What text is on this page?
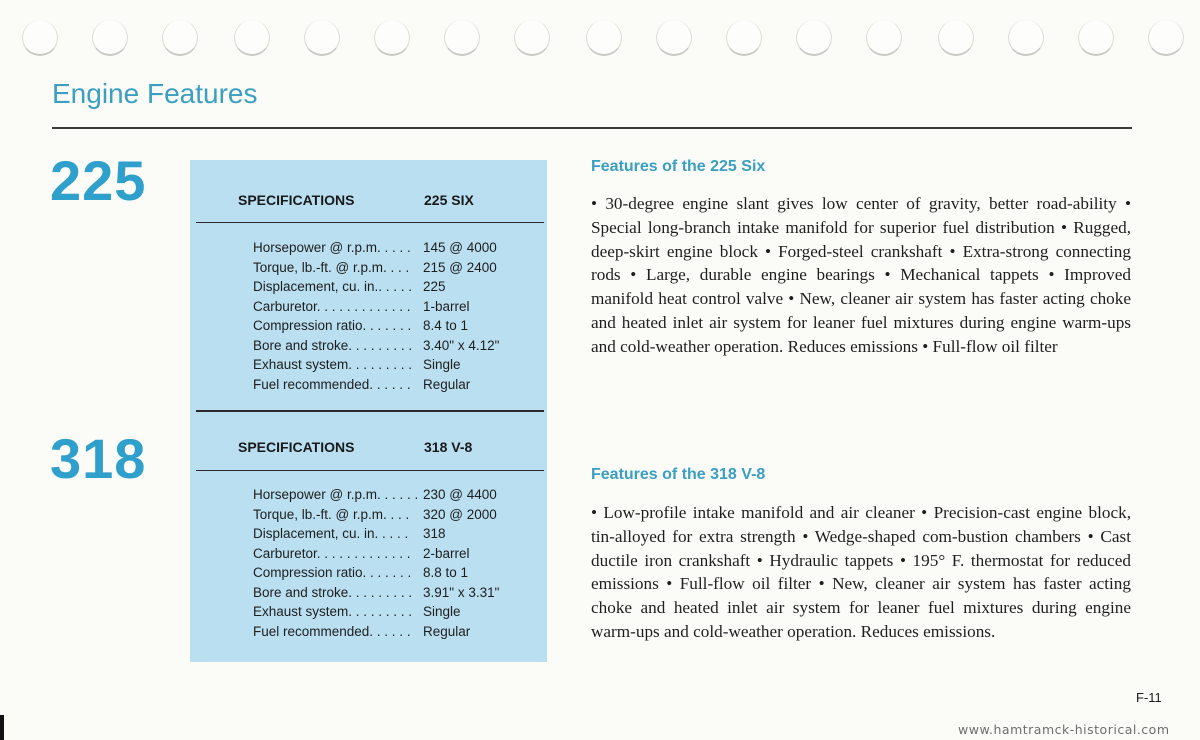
Engine Features
225
318
SPECIFICATIONS	225 SIX
Horsepower @ r.p.m. . . . . 145 @ 4000
Torque, lb.-ft. @ r.p.m. . . . 215 @ 2400
Displacement, cu. in.. . . . . 225
Carburetor. . . . . . . . . . . . . 1-barrel
Compression ratio. . . . . . . 8.4 to 1
Bore and stroke. . . . . . . . . 3.40" x 4.12"
Exhaust system. . . . . . . . . Single
Fuel recommended. . . . . . Regular
SPECIFICATIONS	318 V-8
Horsepower @ r.p.m. . . . . . 230 @ 4400
Torque, lb.-ft. @ r.p.m. . . . 320 @ 2000
Displacement, cu. in. . . . . 318
Carburetor. . . . . . . . . . . . . 2-barrel
Compression ratio. . . . . . . 8.8 to 1
Bore and stroke. . . . . . . . . 3.91" x 3.31"
Exhaust system. . . . . . . . . Single
Fuel recommended. . . . . . Regular
Features of the 225 Six
• 30-degree engine slant gives low center of gravity, better road-ability • Special long-branch intake manifold for superior fuel distribution • Rugged, deep-skirt engine block • Forged-steel crankshaft • Extra-strong connecting rods • Large, durable engine bearings • Mechanical tappets • Improved manifold heat control valve • New, cleaner air system has faster acting choke and heated inlet air system for leaner fuel mixtures during engine warm-ups and cold-weather operation. Reduces emissions • Full-flow oil filter
Features of the 318 V-8
• Low-profile intake manifold and air cleaner • Precision-cast engine block, tin-alloyed for extra strength • Wedge-shaped com-bustion chambers • Cast ductile iron crankshaft • Hydraulic tappets • 195° F. thermostat for reduced emissions • Full-flow oil filter • New, cleaner air system has faster acting choke and heated inlet air system for leaner fuel mixtures during engine warm-ups and cold-weather operation. Reduces emissions.
F-11
www.hamtramck-historical.com
